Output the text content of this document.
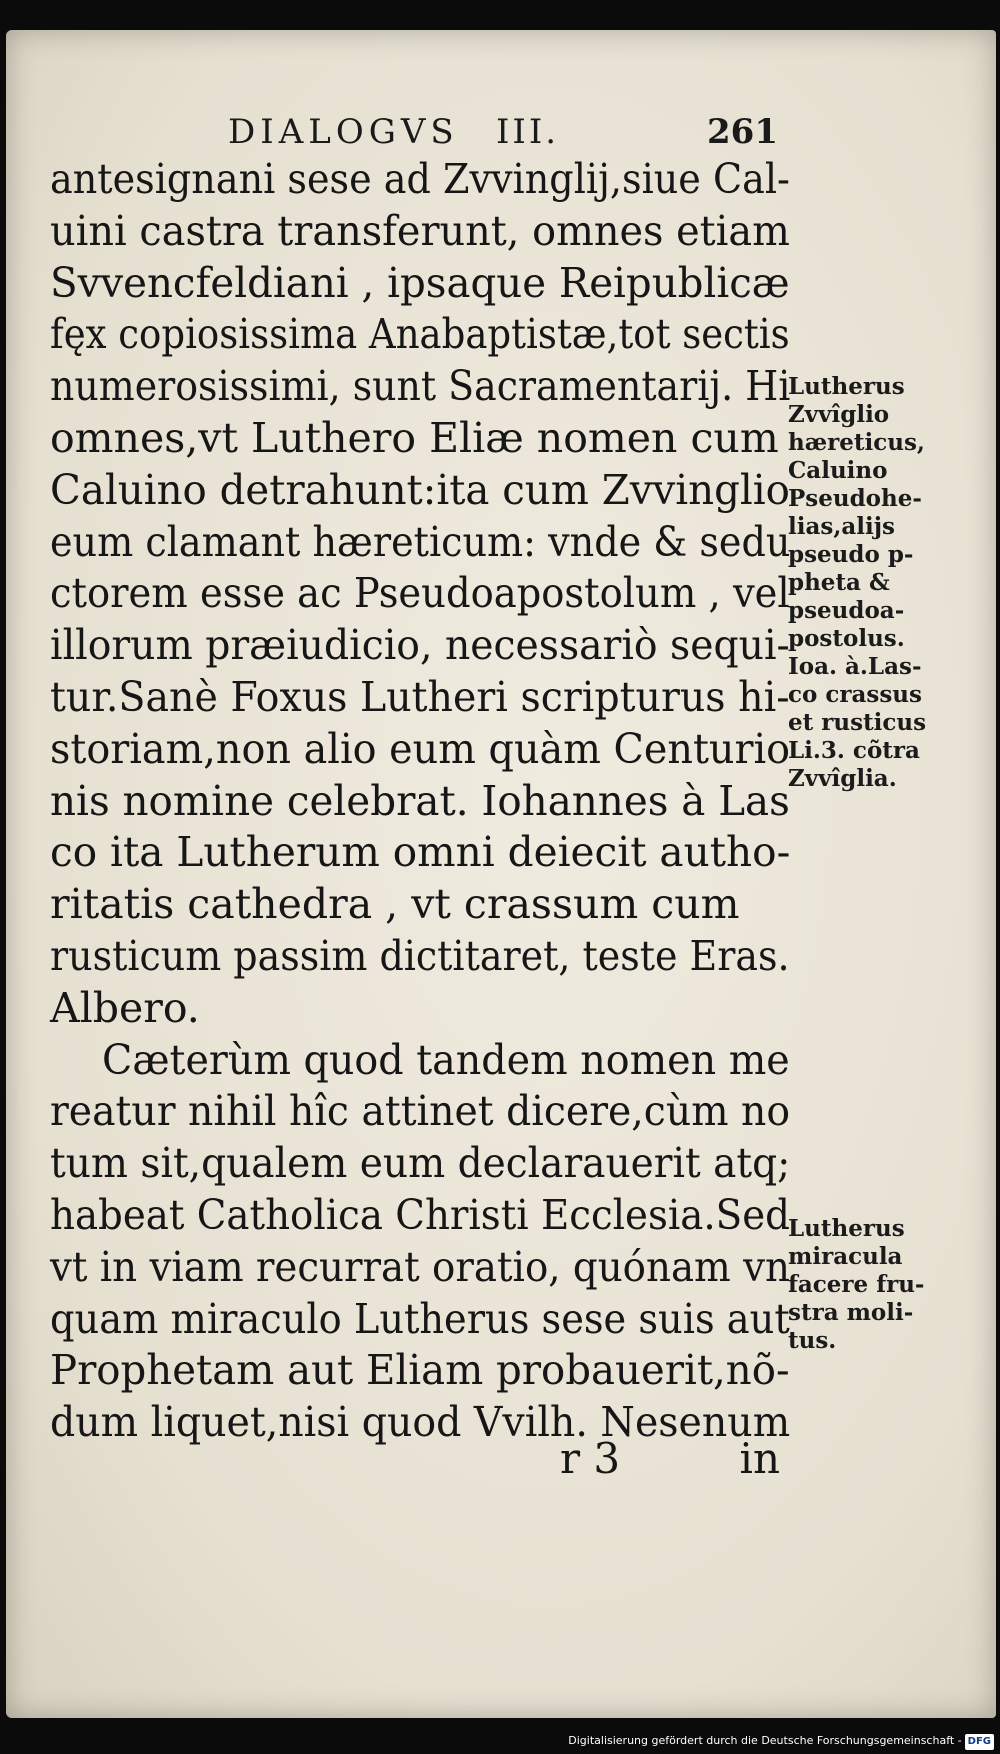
DIALOGVS III.	261
antesignani sese ad Zvvinglij,siue Cal-
uini castra transferunt, omnes etiam
Svvencfeldiani , ipsaque Reipublicæ
fęx copiosissima Anabaptistæ,tot sectis
numerosissimi, sunt Sacramentarij. Hi
omnes,vt Luthero Eliæ nomen cum
Caluino detrahunt:ita cum Zvvinglio
eum clamant hæreticum: vnde & sedu
ctorem esse ac Pseudoapostolum , vel
illorum præiudicio, necessariò sequi-
tur.Sanè Foxus Lutheri scripturus hi-
storiam,non alio eum quàm Centurio
nis nomine celebrat. Iohannes à Las
co ita Lutherum omni deiecit autho-
ritatis cathedra , vt crassum cum
rusticum passim dictitaret, teste Eras.
Albero.
Cæterùm quod tandem nomen me
reatur nihil hîc attinet dicere,cùm no
tum sit,qualem eum declarauerit atq;
habeat Catholica Christi Ecclesia.Sed
vt in viam recurrat oratio, quónam vn
quam miraculo Lutherus sese suis aut
Prophetam aut Eliam probauerit,nõ-
dum liquet,nisi quod Vvilh. Nesenum
r 3	in
Lutherus
Zvvîglio
hæreticus,
Caluino
Pseudohe-
lias,alijs
pseudo p-
pheta &
pseudoa-
postolus.
Ioa. à.Las-
co crassus
et rusticus
Li.3. cõtra
Zvvîglia.
Lutherus
miracula
facere fru-
stra moli-
tus.
Digitalisierung gefördert durch die Deutsche Forschungsgemeinschaft - DFG
